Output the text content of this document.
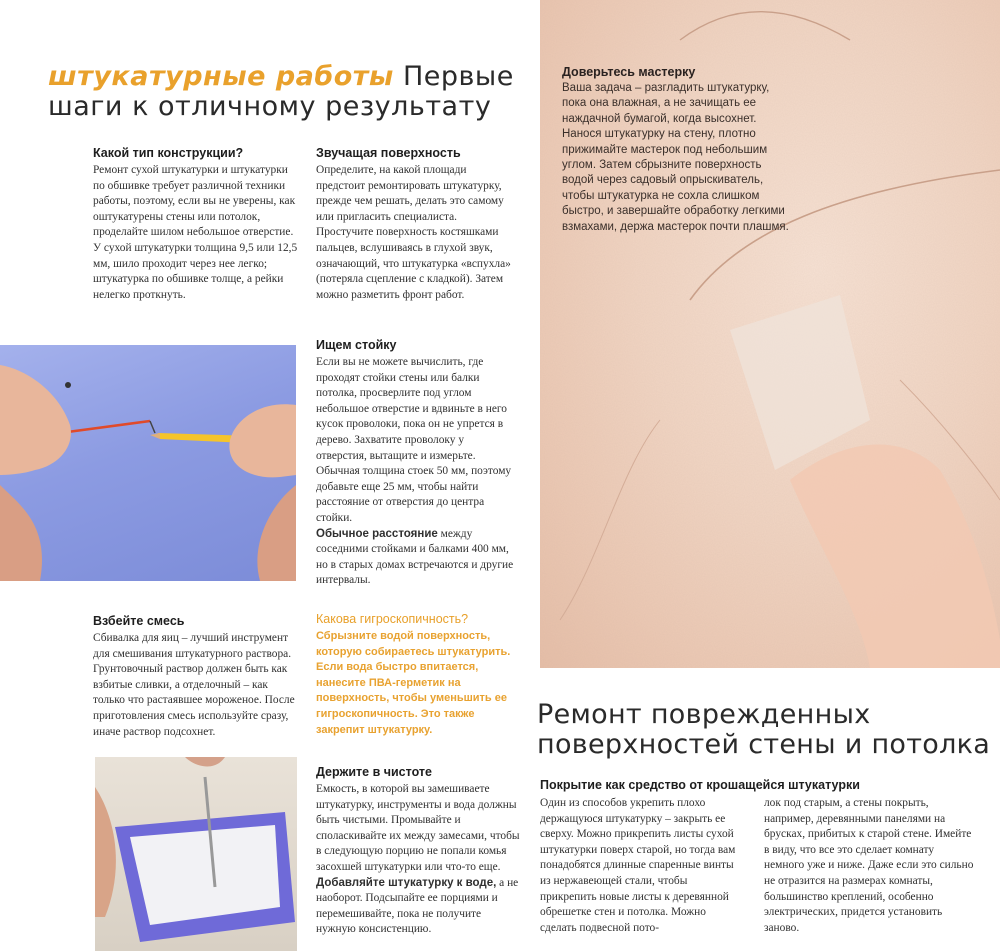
Доверьтесь мастерку

Ваша задача – разгладить штукатурку, пока она влажная, а не зачищать ее наждачной бумагой, когда высохнет. Нанося штукатурку на стену, плотно прижимайте мастерок под небольшим углом. Затем сбрызните поверхность водой через садовый опрыскиватель, чтобы штукатурка не сохла слишком быстро, и завершайте обработку легкими взмахами, держа мастерок почти плашмя.

штукатурные работы Первые
шаги к отличному результату

Какой тип конструкции?

Ремонт сухой штукатурки и штукатурки по обшивке требует различной техники работы, поэтому, если вы не уверены, как оштукатурены стены или потолок, проделайте шилом небольшое отверстие. У сухой штукатурки толщина 9,5 или 12,5 мм, шило проходит через нее легко; штукатурка по обшивке толще, а рейки нелегко проткнуть.

Звучащая поверхность

Определите, на какой площади предстоит ремонтировать штукатурку, прежде чем решать, делать это самому или пригласить специалиста. Простучите поверхность костяшками пальцев, вслушиваясь в глухой звук, означающий, что штукатурка «вспухла» (потеряла сцепление с кладкой). Затем можно разметить фронт работ.

Ищем стойку

Если вы не можете вычислить, где проходят стойки стены или балки потолка, просверлите под углом небольшое отверстие и вдвиньте в него кусок проволоки, пока он не упрется в дерево. Захватите проволоку у отверстия, вытащите и измерьте. Обычная толщина стоек 50 мм, поэтому добавьте еще 25 мм, чтобы найти расстояние от отверстия до центра стойки.
Обычное расстояние между соседними стойками и балками 400 мм, но в старых домах встречаются и другие интервалы.

Взбейте смесь

Сбивалка для яиц – лучший инструмент для смешивания штукатурного раствора. Грунтовочный раствор должен быть как взбитые сливки, а отделочный – как только что растаявшее мороженое. После приготовления смесь используйте сразу, иначе раствор подсохнет.

Какова гигроскопичность?

Сбрызните водой поверхность, которую собираетесь штукатурить. Если вода быстро впитается, нанесите ПВА-герметик на поверхность, чтобы уменьшить ее гигроскопичность. Это также закрепит штукатурку.

Держите в чистоте

Емкость, в которой вы замешиваете штукатурку, инструменты и вода должны быть чистыми. Промывайте и споласкивайте их между замесами, чтобы в следующую порцию не попали комья засохшей штукатурки или что-то еще.
Добавляйте штукатурку к воде, а не наоборот. Подсыпайте ее порциями и перемешивайте, пока не получите нужную консистенцию.

Ремонт поврежденных
поверхностей стены и потолка

Покрытие как средство от крошащейся штукатурки

Один из способов укрепить плохо держащуюся штукатурку – закрыть ее сверху. Можно прикрепить листы сухой штукатурки поверх старой, но тогда вам понадобятся длинные спаренные винты из нержавеющей стали, чтобы прикрепить новые листы к деревянной обрешетке стен и потолка. Можно сделать подвесной пото-
лок под старым, а стены покрыть, например, деревянными панелями на брусках, прибитых к старой стене. Имейте в виду, что все это сделает комнату немного уже и ниже. Даже если это сильно не отразится на размерах комнаты, большинство креплений, особенно электрических, придется установить заново.
